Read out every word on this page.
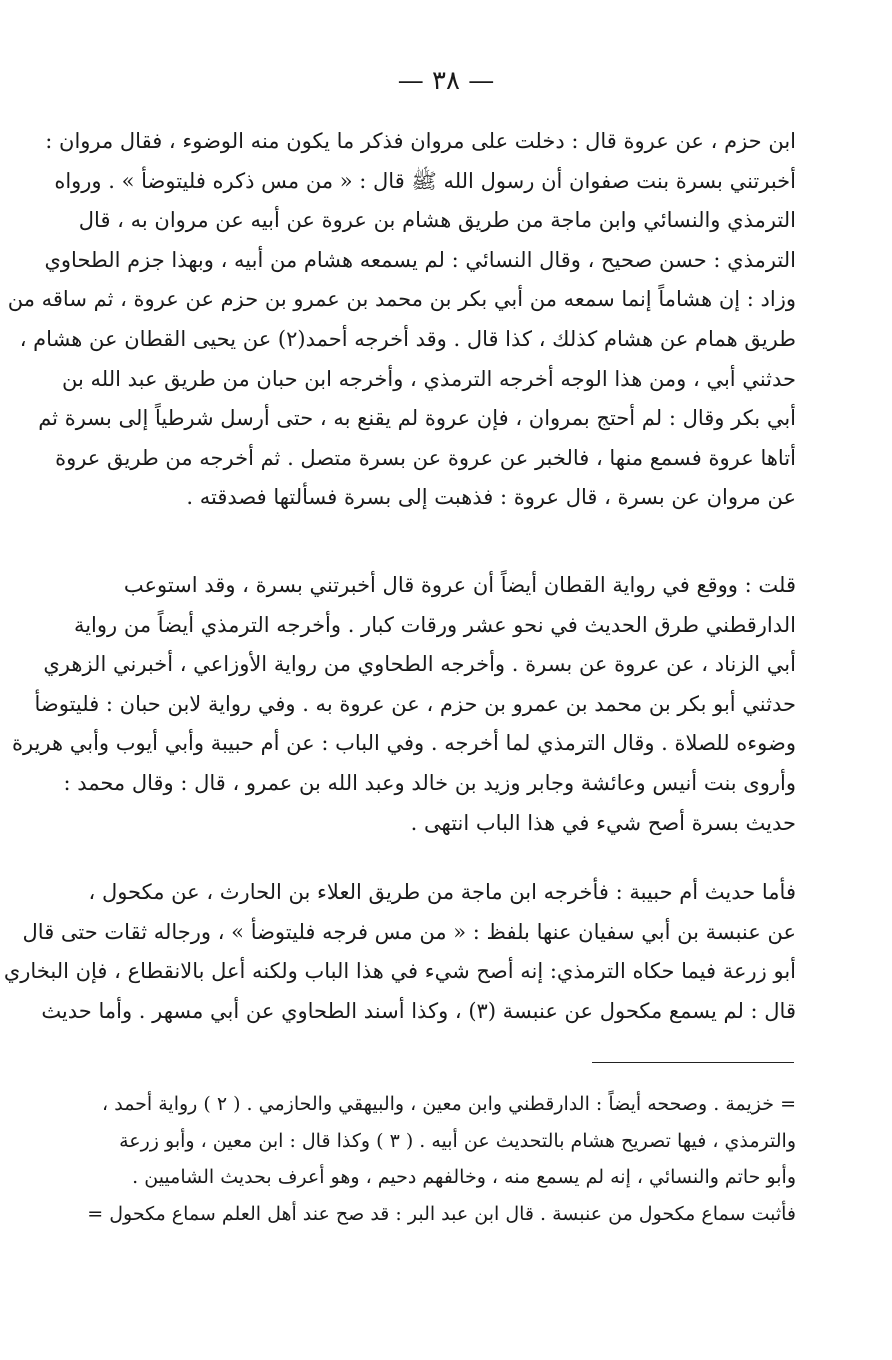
— ٣٨ —

ابن حزم ، عن عروة قال : دخلت على مروان فذكر ما يكون منه الوضوء ، فقال مروان :
أخبرتني بسرة بنت صفوان أن رسول الله ﷺ قال : « من مس ذكره فليتوضأ » . ورواه
الترمذي والنسائي وابن ماجة من طريق هشام بن عروة عن أبيه عن مروان به ، قال
الترمذي : حسن صحيح ، وقال النسائي : لم يسمعه هشام من أبيه ، وبهذا جزم الطحاوي
وزاد : إن هشاماً إنما سمعه من أبي بكر بن محمد بن عمرو بن حزم عن عروة ، ثم ساقه من
طريق همام عن هشام كذلك ، كذا قال . وقد أخرجه أحمد(٢) عن يحيى القطان عن هشام ،
حدثني أبي ، ومن هذا الوجه أخرجه الترمذي ، وأخرجه ابن حبان من طريق عبد الله بن
أبي بكر وقال : لم أحتج بمروان ، فإن عروة لم يقنع به ، حتى أرسل شرطياً إلى بسرة ثم
أتاها عروة فسمع منها ، فالخبر عن عروة عن بسرة متصل . ثم أخرجه من طريق عروة
عن مروان عن بسرة ، قال عروة : فذهبت إلى بسرة فسألتها فصدقته .

قلت : ووقع في رواية القطان أيضاً أن عروة قال أخبرتني بسرة ، وقد استوعب
الدارقطني طرق الحديث في نحو عشر ورقات كبار . وأخرجه الترمذي أيضاً من رواية
أبي الزناد ، عن عروة عن بسرة . وأخرجه الطحاوي من رواية الأوزاعي ، أخبرني الزهري
حدثني أبو بكر بن محمد بن عمرو بن حزم ، عن عروة به . وفي رواية لابن حبان : فليتوضأ
وضوءه للصلاة . وقال الترمذي لما أخرجه . وفي الباب : عن أم حبيبة وأبي أيوب وأبي هريرة
وأروى بنت أنيس وعائشة وجابر وزيد بن خالد وعبد الله بن عمرو ، قال : وقال محمد :
حديث بسرة أصح شيء في هذا الباب انتهى .

فأما حديث أم حبيبة : فأخرجه ابن ماجة من طريق العلاء بن الحارث ، عن مكحول ،
عن عنبسة بن أبي سفيان عنها بلفظ : « من مس فرجه فليتوضأ » ، ورجاله ثقات حتى قال
أبو زرعة فيما حكاه الترمذي: إنه أصح شيء في هذا الباب ولكنه أعل بالانقطاع ، فإن البخاري
قال : لم يسمع مكحول عن عنبسة (٣) ، وكذا أسند الطحاوي عن أبي مسهر . وأما حديث

= خزيمة . وصححه أيضاً : الدارقطني وابن معين ، والبيهقي والحازمي . ( ٢ ) رواية أحمد ،
والترمذي ، فيها تصريح هشام بالتحديث عن أبيه . ( ٣ ) وكذا قال : ابن معين ، وأبو زرعة
وأبو حاتم والنسائي ، إنه لم يسمع منه ، وخالفهم دحيم ، وهو أعرف بحديث الشاميين .
فأثبت سماع مكحول من عنبسة . قال ابن عبد البر : قد صح عند أهل العلم سماع مكحول =
